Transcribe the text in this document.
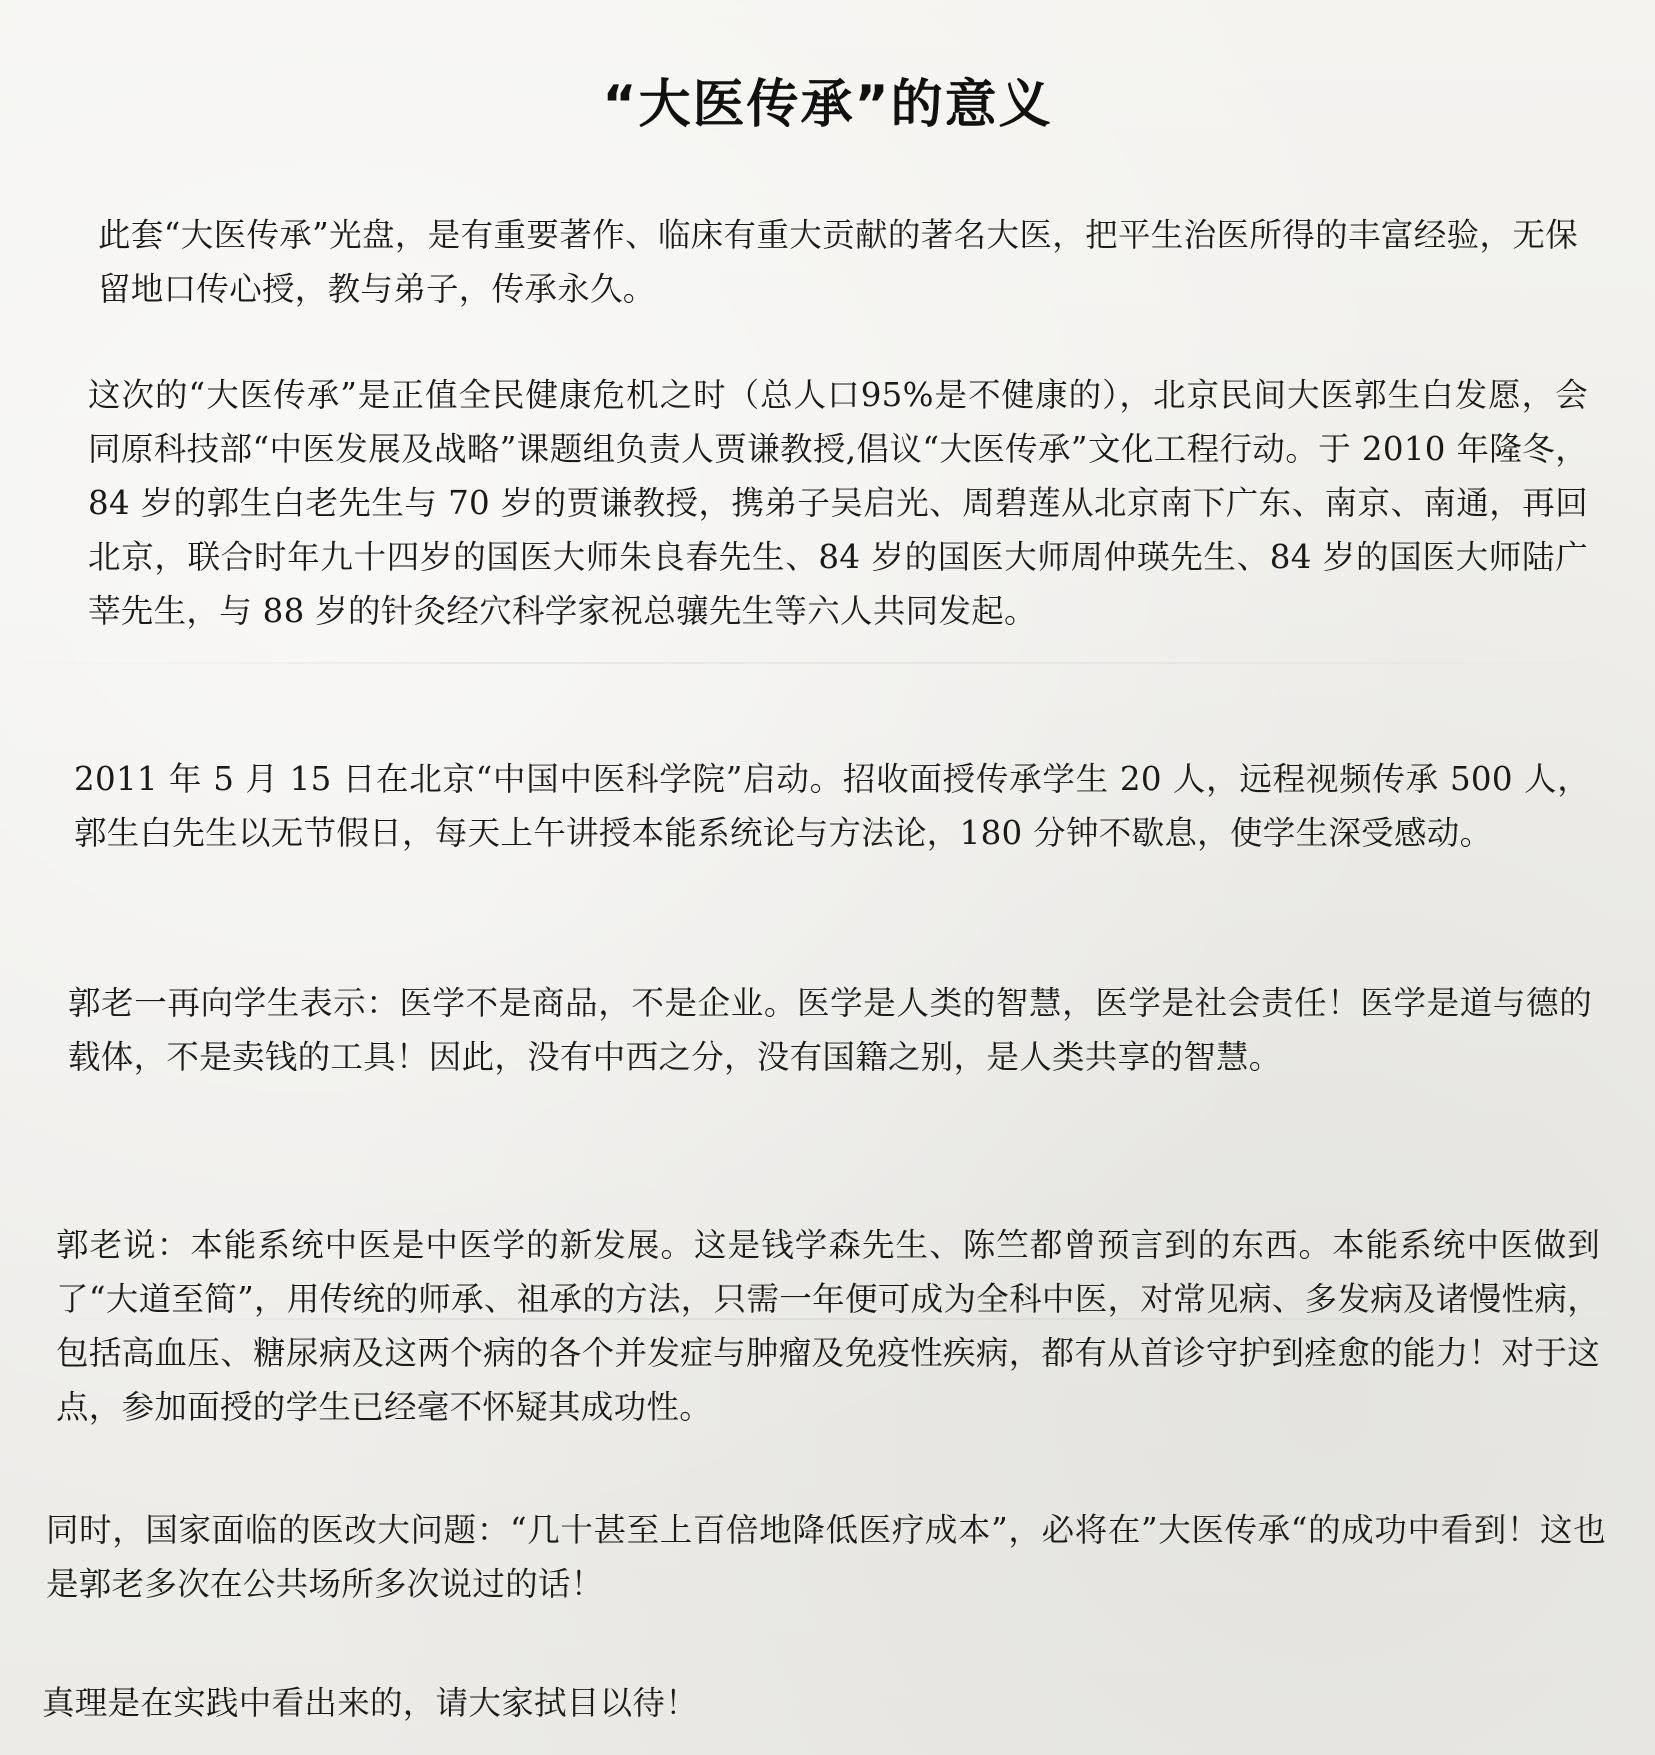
“大医传承”的意义

此套“大医传承”光盘，是有重要著作、临床有重大贡献的著名大医，把平生治医所得的丰富经验，无保留地口传心授，教与弟子，传承永久。

这次的“大医传承”是正值全民健康危机之时（总人口95%是不健康的），北京民间大医郭生白发愿，会同原科技部“中医发展及战略”课题组负责人贾谦教授,倡议“大医传承”文化工程行动。于 2010 年隆冬，84 岁的郭生白老先生与 70 岁的贾谦教授，携弟子吴启光、周碧莲从北京南下广东、南京、南通，再回北京，联合时年九十四岁的国医大师朱良春先生、84 岁的国医大师周仲瑛先生、84 岁的国医大师陆广莘先生，与 88 岁的针灸经穴科学家祝总骧先生等六人共同发起。

2011 年 5 月 15 日在北京“中国中医科学院”启动。招收面授传承学生 20 人，远程视频传承 500 人，郭生白先生以无节假日，每天上午讲授本能系统论与方法论，180 分钟不歇息，使学生深受感动。

郭老一再向学生表示：医学不是商品，不是企业。医学是人类的智慧，医学是社会责任！医学是道与德的载体，不是卖钱的工具！因此，没有中西之分，没有国籍之别，是人类共享的智慧。

郭老说：本能系统中医是中医学的新发展。这是钱学森先生、陈竺都曾预言到的东西。本能系统中医做到了“大道至简”，用传统的师承、祖承的方法，只需一年便可成为全科中医，对常见病、多发病及诸慢性病，包括高血压、糖尿病及这两个病的各个并发症与肿瘤及免疫性疾病，都有从首诊守护到痊愈的能力！对于这点，参加面授的学生已经毫不怀疑其成功性。

同时，国家面临的医改大问题：“几十甚至上百倍地降低医疗成本”，必将在”大医传承“的成功中看到！这也是郭老多次在公共场所多次说过的话！

真理是在实践中看出来的，请大家拭目以待！
